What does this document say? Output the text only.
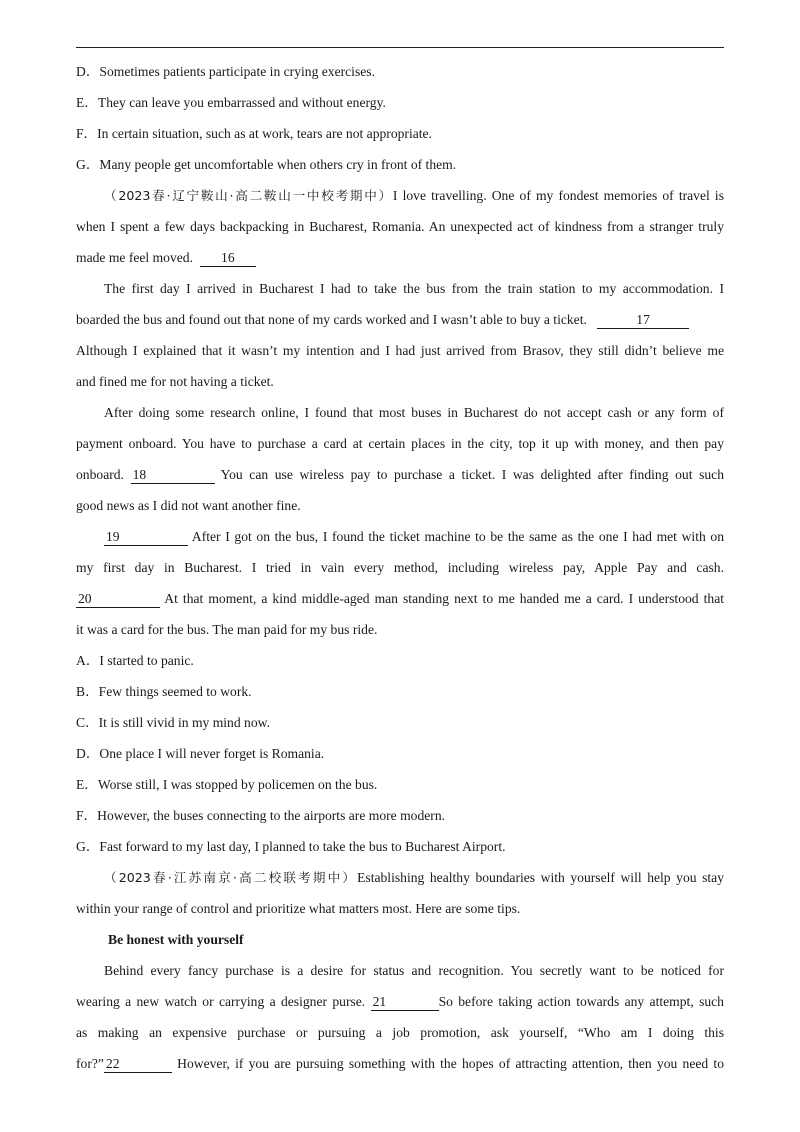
D．Sometimes patients participate in crying exercises.
E．They can leave you embarrassed and without energy.
F．In certain situation, such as at work, tears are not appropriate.
G．Many people get uncomfortable when others cry in front of them.
（2023春·辽宁鞍山·高二鞍山一中校考期中）I love travelling. One of my fondest memories of travel is
when I spent a few days backpacking in Bucharest, Romania. An unexpected act of kindness from a stranger truly
made me feel moved. 16
The first day I arrived in Bucharest I had to take the bus from the train station to my accommodation. I
boarded the bus and found out that none of my cards worked and I wasn’t able to buy a ticket.	17
Although I explained that it wasn’t my intention and I had just arrived from Brasov, they still didn’t believe me
and fined me for not having a ticket.
After doing some research online, I found that most buses in Bucharest do not accept cash or any form of
payment onboard. You have to purchase a card at certain places in the city, top it up with money, and then pay
onboard. 18	You can use wireless pay to purchase a ticket. I was delighted after finding out such
good news as I did not want another fine.
19	After I got on the bus, I found the ticket machine to be the same as the one I had met with on
my first day in Bucharest. I tried in vain every method, including wireless pay, Apple Pay and cash.
20	At that moment, a kind middle-aged man standing next to me handed me a card. I understood that
it was a card for the bus. The man paid for my bus ride.
A．I started to panic.
B．Few things seemed to work.
C．It is still vivid in my mind now.
D．One place I will never forget is Romania.
E．Worse still, I was stopped by policemen on the bus.
F．However, the buses connecting to the airports are more modern.
G．Fast forward to my last day, I planned to take the bus to Bucharest Airport.
（2023春·江苏南京·高二校联考期中）Establishing healthy boundaries with yourself will help you stay
within your range of control and prioritize what matters most. Here are some tips.
Be honest with yourself
Behind every fancy purchase is a desire for status and recognition. You secretly want to be noticed for
wearing a new watch or carrying a designer purse. 21	So before taking action towards any attempt, such
as making an expensive purchase or pursuing a job promotion, ask yourself, “Who am I doing this
for?” 22	However, if you are pursuing something with the hopes of attracting attention, then you need to
